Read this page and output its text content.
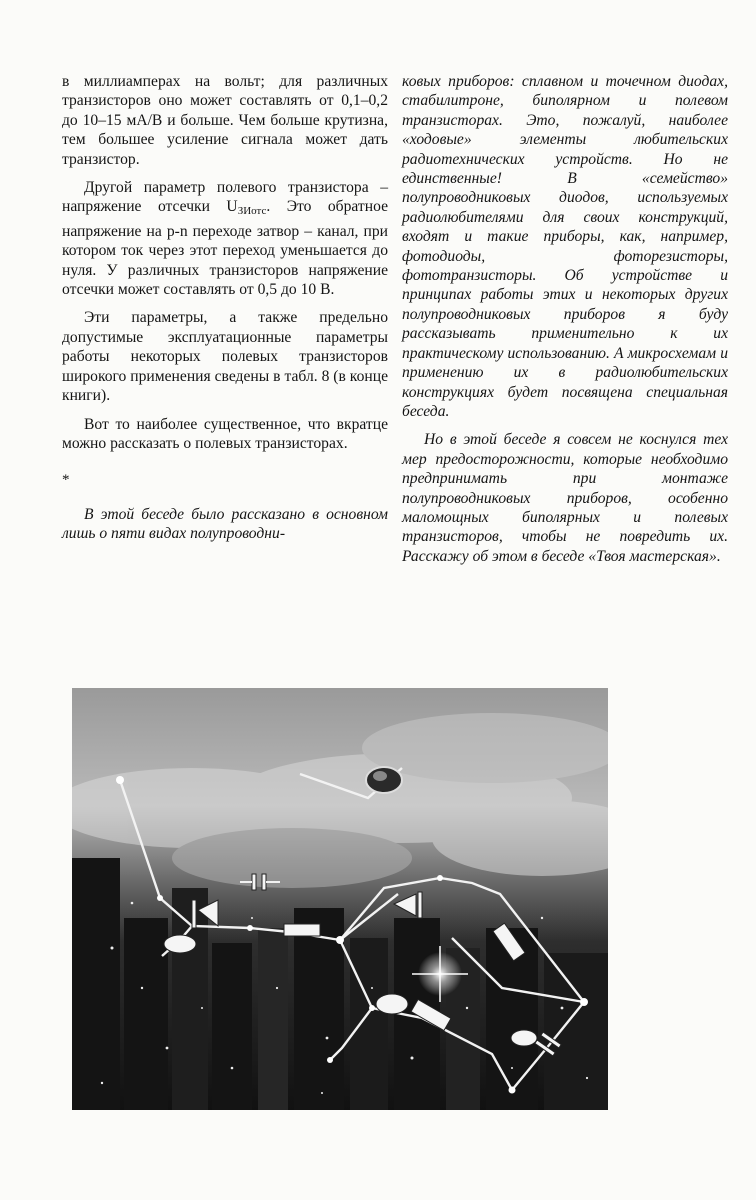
в миллиамперах на вольт; для различных транзисторов оно может составлять от 0,1–0,2 до 10–15 мА/В и больше. Чем больше крутизна, тем большее усиление сигнала может дать транзистор.

Другой параметр полевого транзистора – напряжение отсечки $U_{ЗИотс}$. Это обратное напряжение на p-n переходе затвор – канал, при котором ток через этот переход уменьшается до нуля. У различных транзисторов напряжение отсечки может составлять от 0,5 до 10 В.

Эти параметры, а также предельно допустимые эксплуатационные параметры работы некоторых полевых транзисторов широкого применения сведены в табл. 8 (в конце книги).

Вот то наиболее существенное, что вкратце можно рассказать о полевых транзисторах.

*

В этой беседе было рассказано в основном лишь о пяти видах полупроводни-

ковых приборов: сплавном и точечном диодах, стабилитроне, биполярном и полевом транзисторах. Это, пожалуй, наиболее «ходовые» элементы любительских радиотехнических устройств. Но не единственные! В «семейство» полупроводниковых диодов, используемых радиолюбителями для своих конструкций, входят и такие приборы, как, например, фотодиоды, фоторезисторы, фототранзисторы. Об устройстве и принципах работы этих и некоторых других полупроводниковых приборов я буду рассказывать применительно к их практическому использованию. А микросхемам и применению их в радиолюбительских конструкциях будет посвящена специальная беседа.

Но в этой беседе я совсем не коснулся тех мер предосторожности, которые необходимо предпринимать при монтаже полупроводниковых приборов, особенно маломощных биполярных и полевых транзисторов, чтобы не повредить их. Расскажу об этом в беседе «Твоя мастерская».
